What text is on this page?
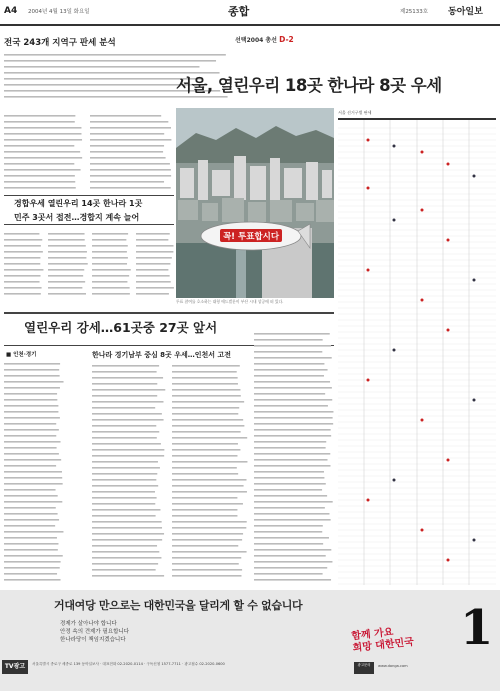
A4 2004년 4월 13일 화요일	종합	제25133호 동아일보
전국 243개 지역구 판세 분석	선택2004 총선 D-2
서울, 열린우리 18곳 한나라 8곳 우세
경합우세 열린우리 14곳 한나라 1곳
민주 3곳서 접전…경합지 계속 늘어
꼭! 투표합시다
투표 참여를 호소하는 대형 애드벌룬이 부산 시내 상공에 떠 있다.
열린우리 강세…61곳중 27곳 앞서
■ 인천·경기	한나라 경기남부 중심 8곳 우세…인천서 고전
서울 선거구별 판세
거대여당 만으로는 대한민국을 달리게 할 수 없습니다
경제가 살아나야 합니다
안정 속의 견제가 필요합니다
한나라당이 책임지겠습니다	함께 가요
희망 대한민국 1
TV광고	서울특별시 종로구 세종로 139 동아일보사 · 대표전화 02-2020-0114 · 구독신청 1577-7711 · 광고접수 02-2020-0600	광고문의	www.donga.com
